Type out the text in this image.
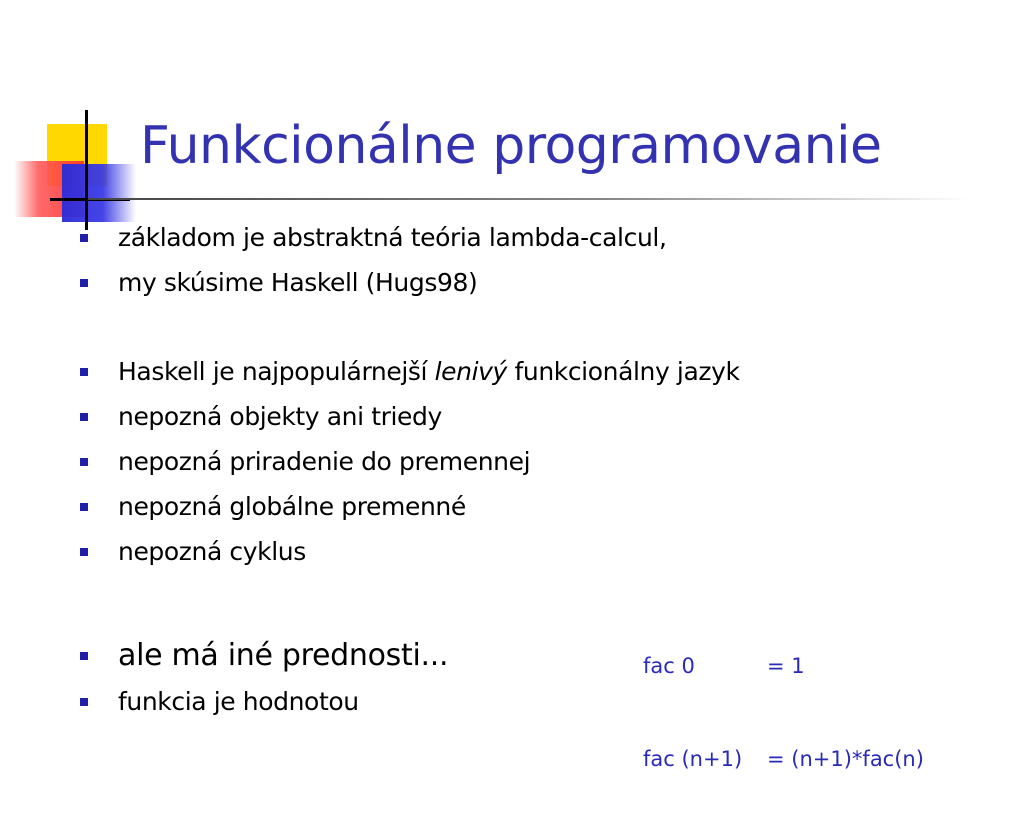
Funkcionálne programovanie
základom je abstraktná teória lambda-calcul,
my skúsime Haskell (Hugs98)
Haskell je najpopulárnejší lenivý funkcionálny jazyk
nepozná objekty ani triedy
nepozná priradenie do premennej
nepozná globálne premenné
nepozná cyklus
ale má iné prednosti...
funkcia je hodnotou

fac 0	= 1

fac (n+1) = (n+1)*fac(n)
